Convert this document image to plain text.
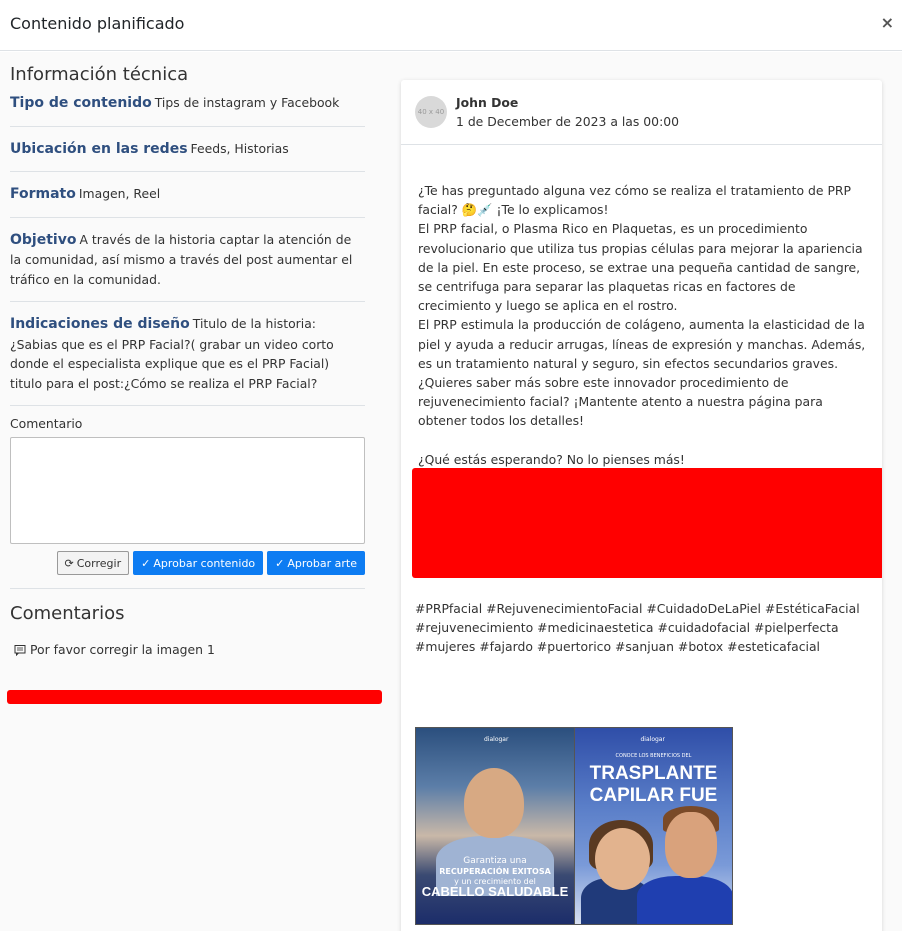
Contenido planificado	×
Información técnica
Tipo de contenido Tips de instagram y Facebook
Ubicación en las redes Feeds, Historias
Formato Imagen, Reel
Objetivo A través de la historia captar la atención de la comunidad, así mismo a través del post aumentar el tráfico en la comunidad.
Indicaciones de diseño Titulo de la historia: ¿Sabias que es el PRP Facial?( grabar un video corto donde el especialista explique que es el PRP Facial) titulo para el post:¿Cómo se realiza el PRP Facial?
Comentario
⟳ Corregir ✓ Aprobar contenido ✓ Aprobar arte
Comentarios
Por favor corregir la imagen 1
40 x 40
John Doe
1 de December de 2023 a las 00:00

¿Te has preguntado alguna vez cómo se realiza el tratamiento de PRP facial? 🤔💉 ¡Te lo explicamos!

El PRP facial, o Plasma Rico en Plaquetas, es un procedimiento revolucionario que utiliza tus propias células para mejorar la apariencia de la piel. En este proceso, se extrae una pequeña cantidad de sangre, se centrifuga para separar las plaquetas ricas en factores de crecimiento y luego se aplica en el rostro.

El PRP estimula la producción de colágeno, aumenta la elasticidad de la piel y ayuda a reducir arrugas, líneas de expresión y manchas. Además, es un tratamiento natural y seguro, sin efectos secundarios graves.

¿Quieres saber más sobre este innovador procedimiento de rejuvenecimiento facial? ¡Mantente atento a nuestra página para obtener todos los detalles!

¿Qué estás esperando? No lo pienses más!

#PRPfacial #RejuvenecimientoFacial #CuidadoDeLaPiel #EstéticaFacial #rejuvenecimiento #medicinaestetica #cuidadofacial #pielperfecta #mujeres #fajardo #puertorico #sanjuan #botox #esteticafacial
dialogar
Garantiza una
RECUPERACIÓN EXITOSA
y un crecimiento del
CABELLO SALUDABLE
dialogar
CONOCE LOS BENEFICIOS DEL
TRASPLANTE
CAPILAR FUE
